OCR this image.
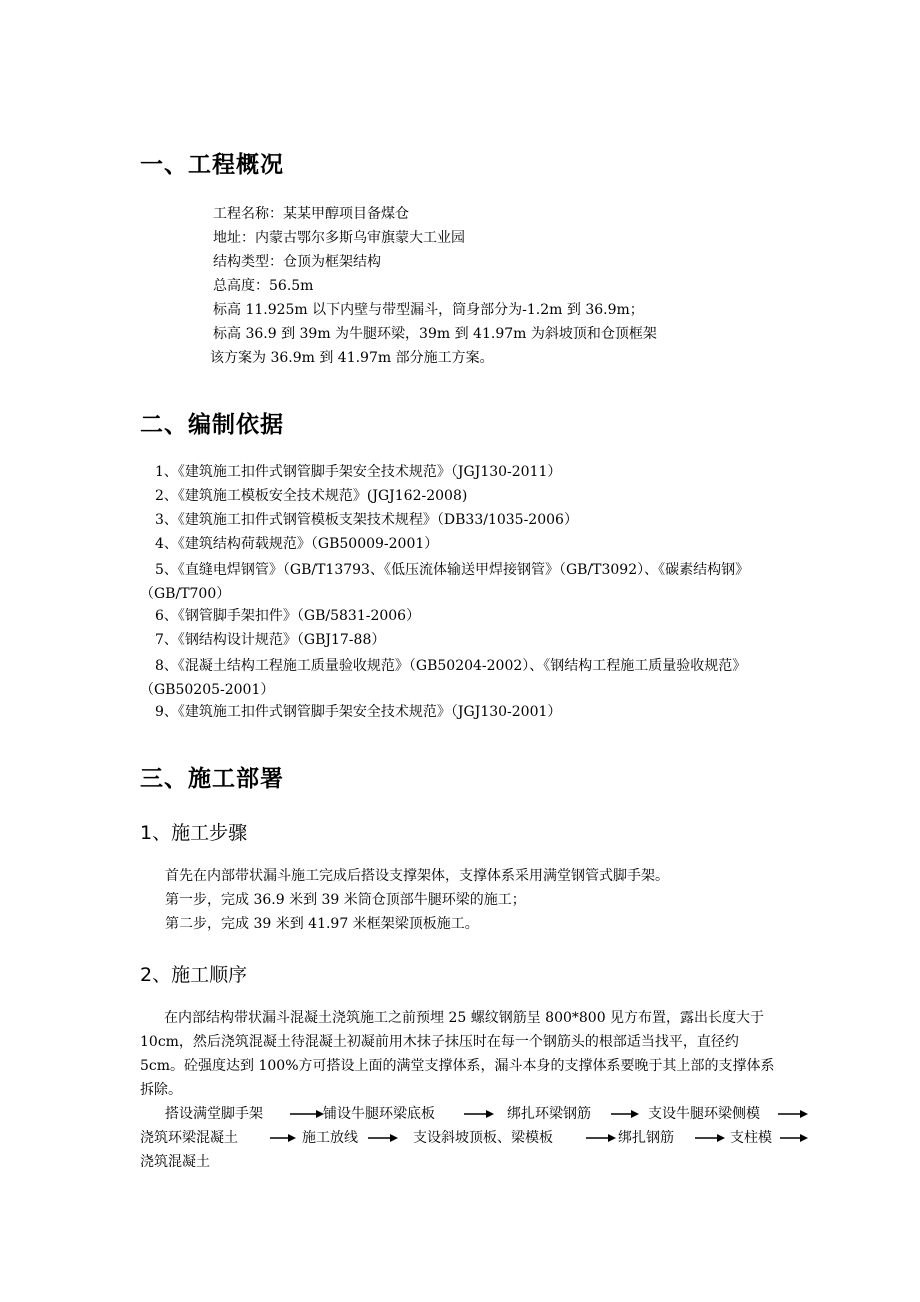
一、工程概况
工程名称：某某甲醇项目备煤仓
地址：内蒙古鄂尔多斯乌审旗蒙大工业园
结构类型：仓顶为框架结构
总高度：56.5m
标高 11.925m 以下内壁与带型漏斗，筒身部分为-1.2m 到 36.9m；
标高 36.9 到 39m 为牛腿环梁，39m 到 41.97m 为斜坡顶和仓顶框架
该方案为 36.9m 到 41.97m 部分施工方案。
二、编制依据
1、《建筑施工扣件式钢管脚手架安全技术规范》（JGJ130-2011）
2、《建筑施工模板安全技术规范》(JGJ162-2008)
3、《建筑施工扣件式钢管模板支架技术规程》（DB33/1035-2006）
4、《建筑结构荷载规范》（GB50009-2001）
5、《直缝电焊钢管》（GB/T13793、《低压流体输送甲焊接钢管》（GB/T3092）、《碳素结构钢》（GB/T700）
6、《钢管脚手架扣件》（GB/5831-2006）
7、《钢结构设计规范》（GBJ17-88）
8、《混凝土结构工程施工质量验收规范》（GB50204-2002）、《钢结构工程施工质量验收规范》（GB50205-2001）
9、《建筑施工扣件式钢管脚手架安全技术规范》（JGJ130-2001）
三、施工部署
1、施工步骤
首先在内部带状漏斗施工完成后搭设支撑架体，支撑体系采用满堂钢管式脚手架。
第一步，完成 36.9 米到 39 米筒仓顶部牛腿环梁的施工；
第二步，完成 39 米到 41.97 米框架梁顶板施工。
2、施工顺序
在内部结构带状漏斗混凝土浇筑施工之前预埋 25 螺纹钢筋呈 800*800 见方布置，露出长度大于 10cm，然后浇筑混凝土待混凝土初凝前用木抹子抹压时在每一个钢筋头的根部适当找平，直径约 5cm。砼强度达到 100%方可搭设上面的满堂支撑体系，漏斗本身的支撑体系要晚于其上部的支撑体系拆除。
搭设满堂脚手架	铺设牛腿环梁底板	绑扎环梁钢筋	支设牛腿环梁侧模
浇筑环梁混凝土	施工放线	支设斜坡顶板、梁模板	绑扎钢筋	支柱模
浇筑混凝土
